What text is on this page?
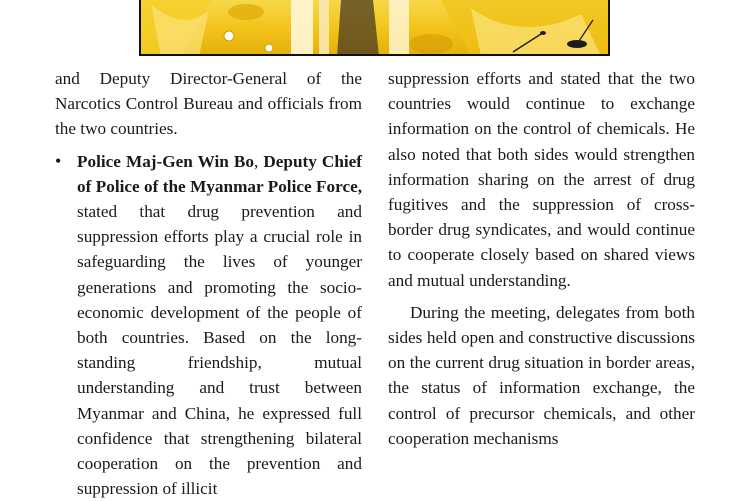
and Deputy Director-General of the Narcotics Control Bureau and officials from the two countries.

• Police Maj-Gen Win Bo, Deputy Chief of Police of the Myanmar Police Force, stated that drug prevention and suppression efforts play a crucial role in safeguarding the lives of younger generations and promoting the socio-economic development of the people of both countries. Based on the long-standing friendship, mutual understanding and trust between Myanmar and China, he expressed full confidence that strengthening bilateral cooperation on the prevention and suppression of illicit

suppression efforts and stated that the two countries would continue to exchange information on the control of chemicals. He also noted that both sides would strengthen information sharing on the arrest of drug fugitives and the suppression of cross-border drug syndicates, and would continue to cooperate closely based on shared views and mutual understanding.

During the meeting, delegates from both sides held open and constructive discussions on the current drug situation in border areas, the status of information exchange, the control of precursor chemicals, and other cooperation mechanisms
